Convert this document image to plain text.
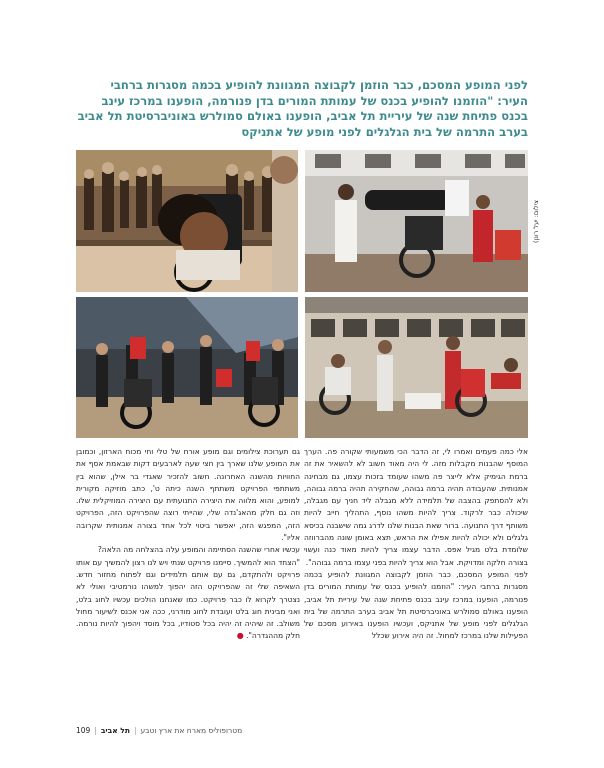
לפני המופע המסכם, כבר הוזמן לקבוצה המגוונת להופיע בכמה מסגרות ברחבי העיר: "הוזמנו להופיע בכנס של עמותת המורים בדן פנורמה, הופענו במרכז עינב בכנס פתיחת שנה של עיריית תל אביב, הופענו באולם סמולרש באוניברסיטת תל אביב בערב התרמה של בית הגלגלים לפני מופע של אתניקס
צילום: יעל רונן)

אלי כמה פעמים ואמרו לי, זה הדבר הכי משמעותי שקורה פה. הערך המוסף שהבנות מקבלות מזה. לי היה מאוד חשוב לא להשאיר את זה ברמת הגימיק אלא לייצר פה משהו שעומד בזכות עצמו, גם מבחינה אמנותית. שהעבודה תהיה ברמה גבוהה, שהחקירה תהיה ברמה גבוהה, ולא להסתפק בהצבה של תלמידה ללא מגבלה ליד חניך עם מגבלה, שיכולה כבר לרקוד. צריך להיות משהו נוסף, התהליך חייב להיות משותף דרך התנועה. ברור שאת הבנות שלנו לדרג גמה שישבנה בכיסא גלגלים ולא יכולה להיות אפילו את הראש, תצא באומן שונה מהברווזה שלומדת בלט מגיל אפס. הדבר עצמו צריך להיות מאוד כנה ועשוי בצורה חלקה ומדויקת. אבל הוא צריך להיות בפני עצמו ברמה גבוהה".

לפני המופע המסכם, כבר הוזמן לקבוצה המגוונת להופיע בכמה מסגרות ברחבי העיר: "הוזמנו להופיע בכנס של עמותת המורים בדן פנורמה, הופענו במרכז עינב בכנס פתיחת שנה של עיריית תל אביב, הופענו באולם סמולרש באוניברסיטת תל אביב בערב התרמה של בית הגלגלים לפני מופע של אתניקס, ועכשיו הופענו באירוע מסכם של הפעילות שלנו במרכז למחול. זה היה אירוע שכלל

גם תערוכת צילומים וגם מופע אורח של טלי וחי מכוח הארזון, וכמובן את המופע שלנו שארך בין חצי שעה לארבעים דקות שבאמת אסף את החוויות מהשנה האחרונה. חשוב להזכיר שאגדי בר אילן, שהוא בין משתתפי הפרויקט משתתף השנה כיתה ט', כתב מוזיקה מקורית למופע, והוא מלווה את היצירה התנועתית עם היצירה המוזיקלית שלו. וזה גם חלק מהאג'נדה שלי, שהייתי רוצה שהפרויקט הזה, הפרויקט הזה, המפגש הזה, יאפשר ביטוי לכל אחד בצורה אמנותית שקרובה אליו".

עכשיו אחרי שהשנה הסתיימה והמופע עלה בהצלחה מה הלאה?

"הצחד הוא להמשיך. סיימנו פרויקט שנתי ויש לנו רצון להמשיך עם אותו פרויקט ולהתקדם, גם עם אותם תלמידים וגם לפתוח מחזור חדש. השאיפה שלי זה שהפרויקט הזה יהפוך למשהו נורמטיבי ואולי לא נצטרך לקרוא לו כבר פרויקט. כמו שאנחנו הולכים עכשיו לחוג בלט, ואני מבינית חוג בלט ועובדת לחוג מודרני, ככה אני אכנס לשיעור מחול משולב. זה שיהיה זה יהיה בכל סטודיו, בכל מוסד ויהפוך להיות נורמה. חלק מההגדרה". ●

109 | תל אביב | מטרופוליס מארח את ארץ וטבע
